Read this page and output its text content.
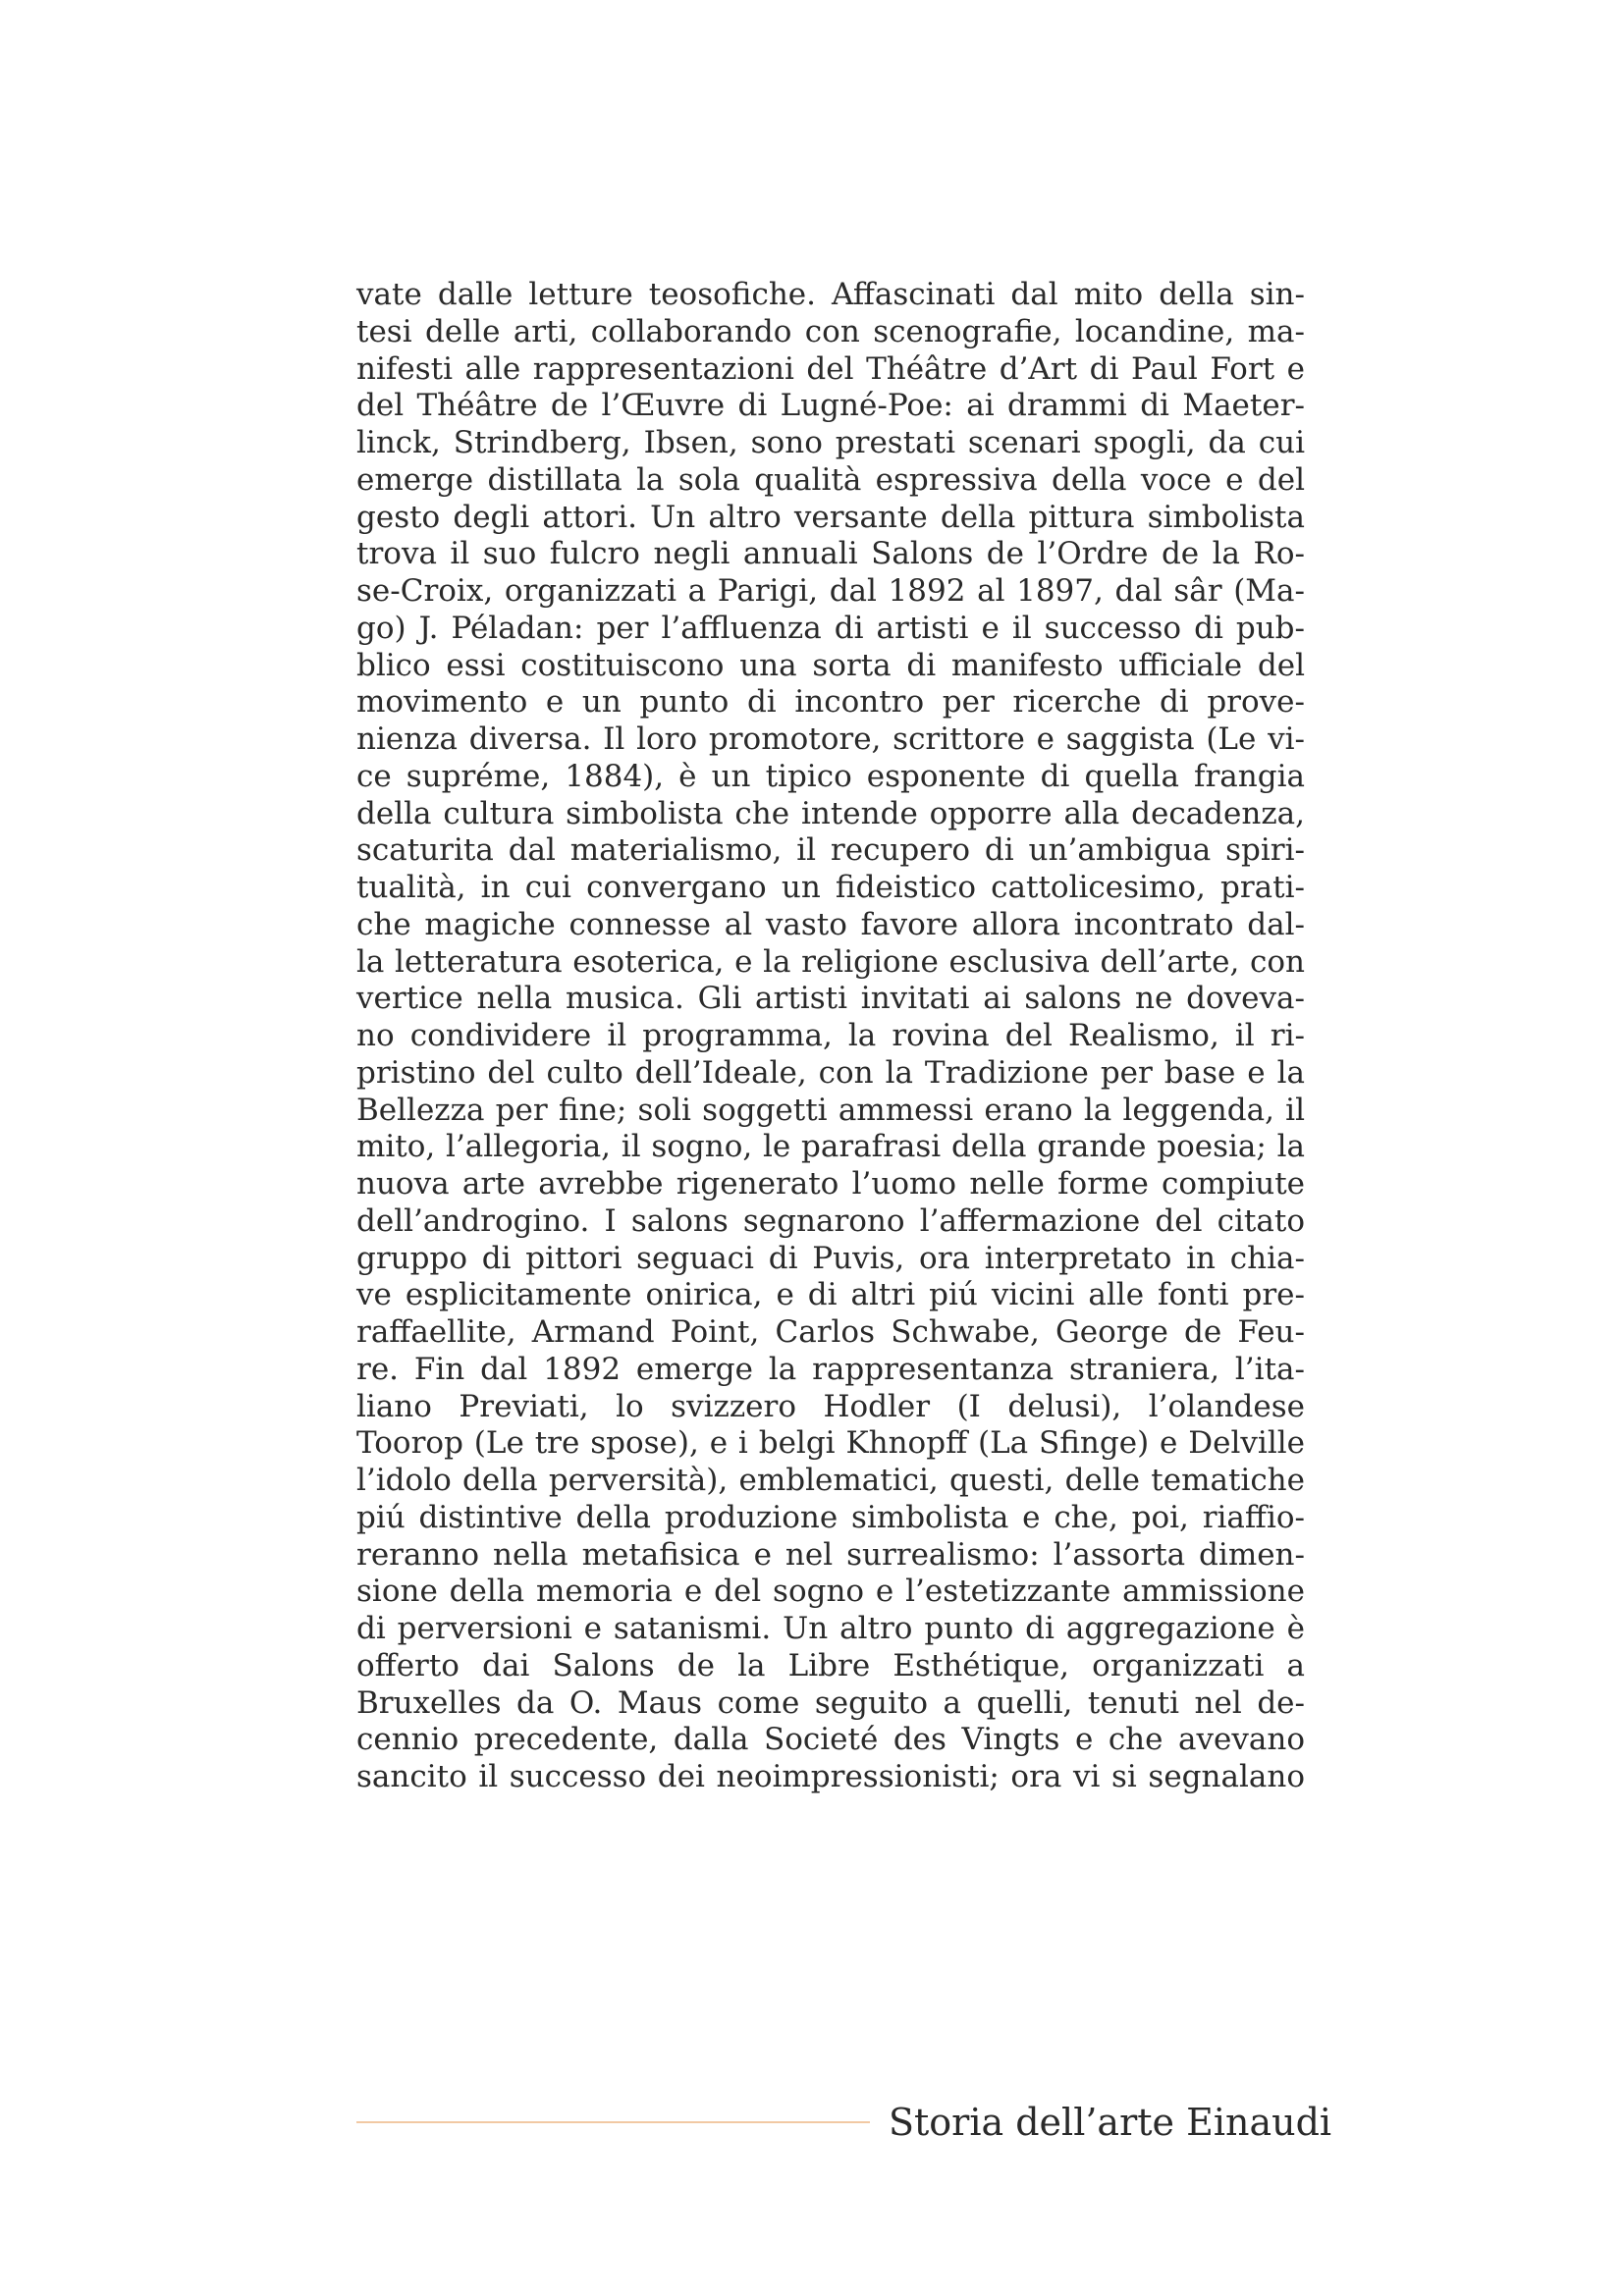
vate dalle letture teosofiche. Affascinati dal mito della sin-
tesi delle arti, collaborando con scenografie, locandine, ma-
nifesti alle rappresentazioni del Théâtre d’Art di Paul Fort e
del Théâtre de l’Œuvre di Lugné-Poe: ai drammi di Maeter-
linck, Strindberg, Ibsen, sono prestati scenari spogli, da cui
emerge distillata la sola qualità espressiva della voce e del
gesto degli attori. Un altro versante della pittura simbolista
trova il suo fulcro negli annuali Salons de l’Ordre de la Ro-
se-Croix, organizzati a Parigi, dal 1892 al 1897, dal sâr (Ma-
go) J. Péladan: per l’affluenza di artisti e il successo di pub-
blico essi costituiscono una sorta di manifesto ufficiale del
movimento e un punto di incontro per ricerche di prove-
nienza diversa. Il loro promotore, scrittore e saggista (Le vi-
ce supréme, 1884), è un tipico esponente di quella frangia
della cultura simbolista che intende opporre alla decadenza,
scaturita dal materialismo, il recupero di un’ambigua spiri-
tualità, in cui convergano un fideistico cattolicesimo, prati-
che magiche connesse al vasto favore allora incontrato dal-
la letteratura esoterica, e la religione esclusiva dell’arte, con
vertice nella musica. Gli artisti invitati ai salons ne doveva-
no condividere il programma, la rovina del Realismo, il ri-
pristino del culto dell’Ideale, con la Tradizione per base e la
Bellezza per fine; soli soggetti ammessi erano la leggenda, il
mito, l’allegoria, il sogno, le parafrasi della grande poesia; la
nuova arte avrebbe rigenerato l’uomo nelle forme compiute
dell’androgino. I salons segnarono l’affermazione del citato
gruppo di pittori seguaci di Puvis, ora interpretato in chia-
ve esplicitamente onirica, e di altri piú vicini alle fonti pre-
raffaellite, Armand Point, Carlos Schwabe, George de Feu-
re. Fin dal 1892 emerge la rappresentanza straniera, l’ita-
liano Previati, lo svizzero Hodler (I delusi), l’olandese
Toorop (Le tre spose), e i belgi Khnopff (La Sfinge) e Delville
l’idolo della perversità), emblematici, questi, delle tematiche
piú distintive della produzione simbolista e che, poi, riaffio-
reranno nella metafisica e nel surrealismo: l’assorta dimen-
sione della memoria e del sogno e l’estetizzante ammissione
di perversioni e satanismi. Un altro punto di aggregazione è
offerto dai Salons de la Libre Esthétique, organizzati a
Bruxelles da O. Maus come seguito a quelli, tenuti nel de-
cennio precedente, dalla Societé des Vingts e che avevano
sancito il successo dei neoimpressionisti; ora vi si segnalano
Storia dell’arte Einaudi
